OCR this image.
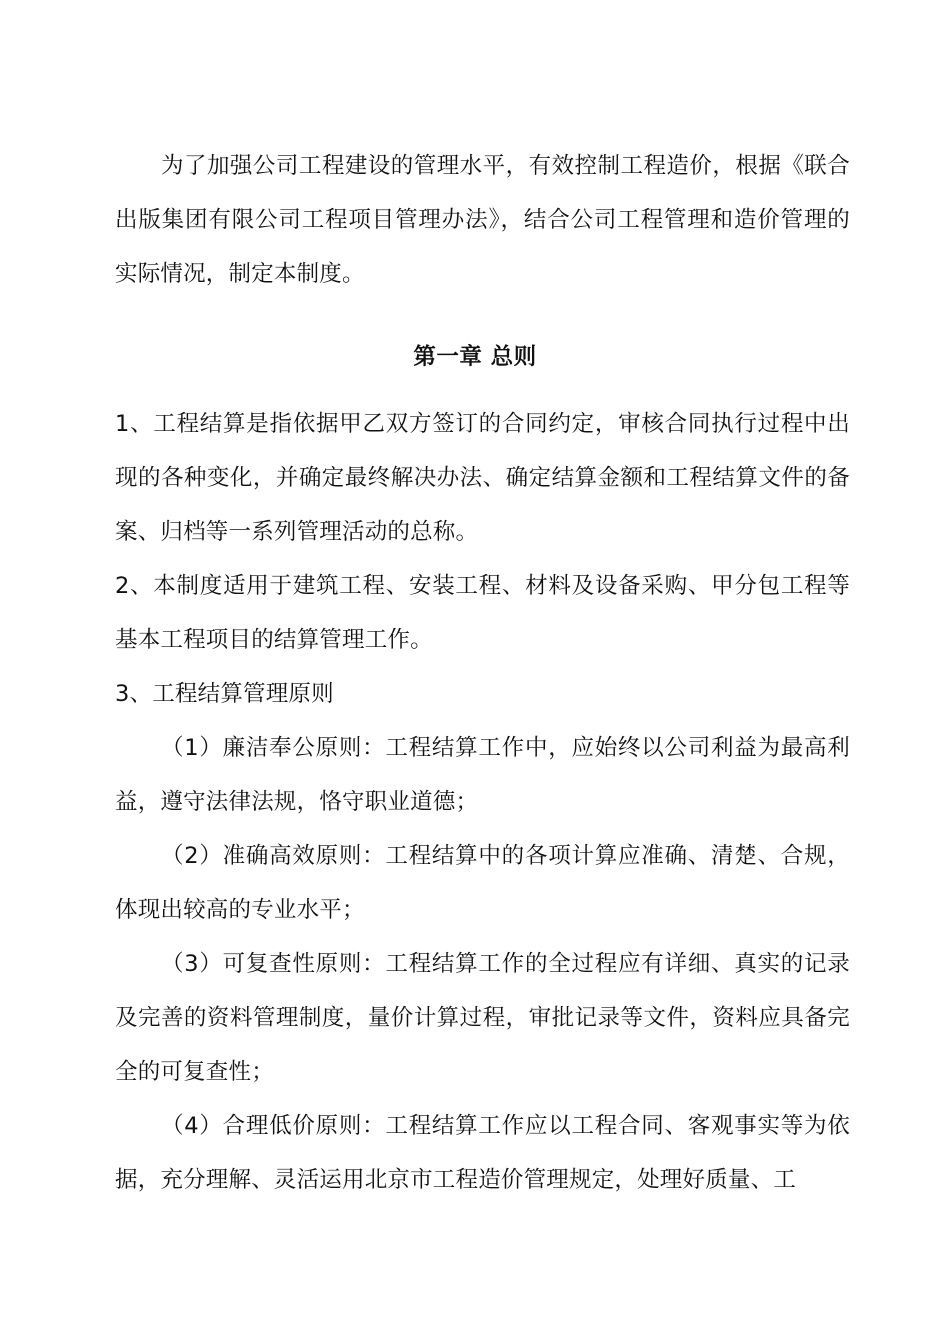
为了加强公司工程建设的管理水平，有效控制工程造价，根据《联合出版集团有限公司工程项目管理办法》，结合公司工程管理和造价管理的实际情况，制定本制度。

第一章 总则

1、工程结算是指依据甲乙双方签订的合同约定，审核合同执行过程中出现的各种变化，并确定最终解决办法、确定结算金额和工程结算文件的备案、归档等一系列管理活动的总称。

2、本制度适用于建筑工程、安装工程、材料及设备采购、甲分包工程等基本工程项目的结算管理工作。

3、工程结算管理原则

（1）廉洁奉公原则：工程结算工作中，应始终以公司利益为最高利益，遵守法律法规，恪守职业道德；

（2）准确高效原则：工程结算中的各项计算应准确、清楚、合规，体现出较高的专业水平；

（3）可复查性原则：工程结算工作的全过程应有详细、真实的记录及完善的资料管理制度，量价计算过程，审批记录等文件，资料应具备完全的可复查性；

（4）合理低价原则：工程结算工作应以工程合同、客观事实等为依据，充分理解、灵活运用北京市工程造价管理规定，处理好质量、工
